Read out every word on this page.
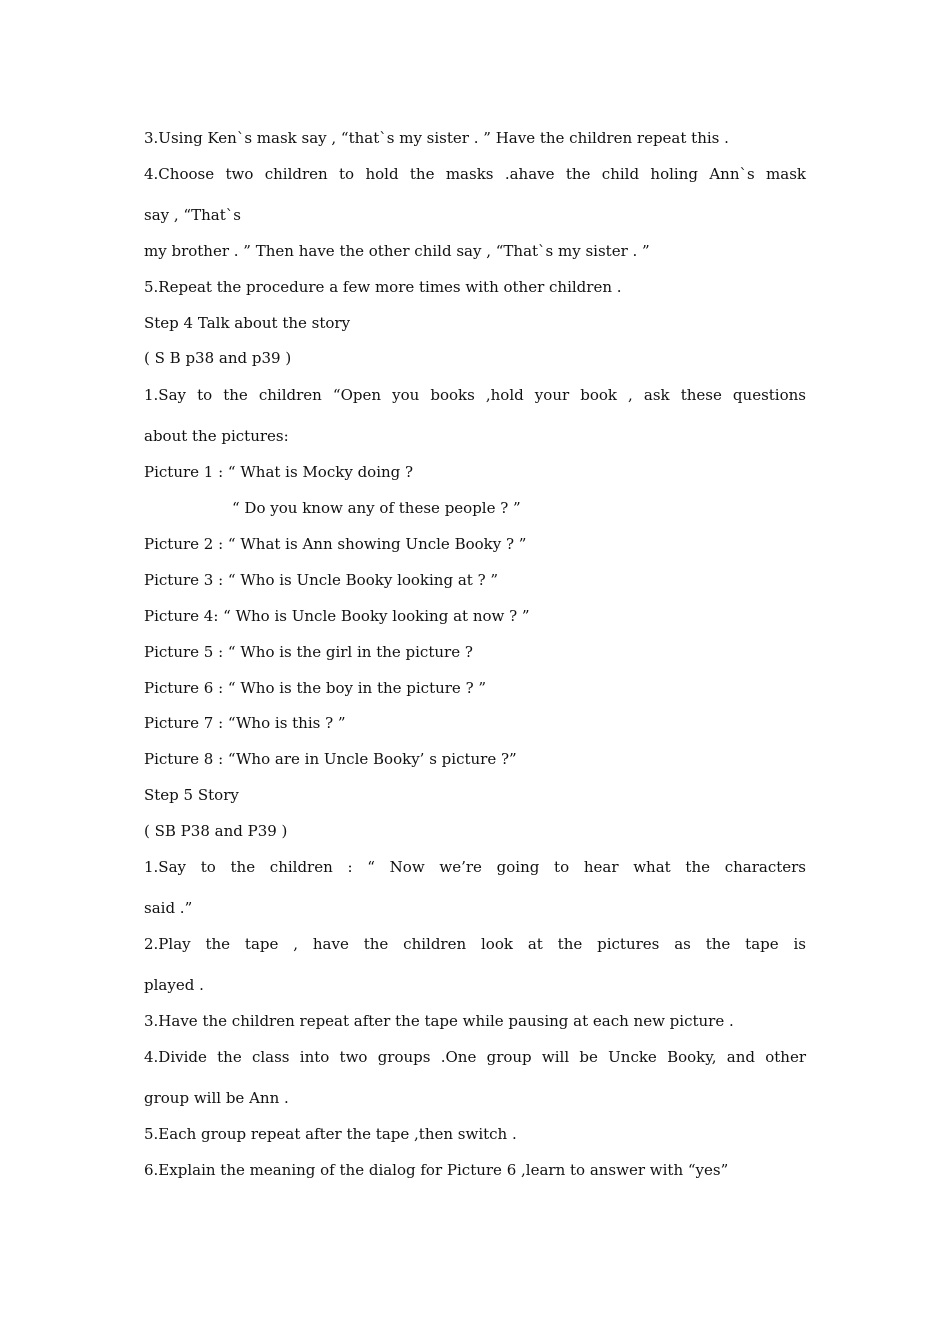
3.Using Ken`s mask say , “that`s my sister . ” Have the children repeat this .
4.Choose two children to hold the masks .ahave the child holing Ann`s mask
say , “That`s
my brother . ” Then have the other child say , “That`s my sister . ”
5.Repeat the procedure a few more times with other children .
Step 4 Talk about the story
( S B p38 and p39 )
1.Say to the children “Open you books ,hold your book , ask these questions
about the pictures:
Picture 1 : “ What is Mocky doing ?
“ Do you know any of these people ? ”
Picture 2 : “ What is Ann showing Uncle Booky ? ”
Picture 3 : “ Who is Uncle Booky looking at ? ”
Picture 4: “ Who is Uncle Booky looking at now ? ”
Picture 5 : “ Who is the girl in the picture ?
Picture 6 : “ Who is the boy in the picture ? ”
Picture 7 : “Who is this ? ”
Picture 8 : “Who are in Uncle Booky’ s picture ?”
Step 5 Story
( SB P38 and P39 )
1.Say to the children : “ Now we’re going to hear what the characters
said .”
2.Play the tape , have the children look at the pictures as the tape is
played .
3.Have the children repeat after the tape while pausing at each new picture .
4.Divide the class into two groups .One group will be Uncke Booky, and other
group will be Ann .
5.Each group repeat after the tape ,then switch .
6.Explain the meaning of the dialog for Picture 6 ,learn to answer with “yes”
